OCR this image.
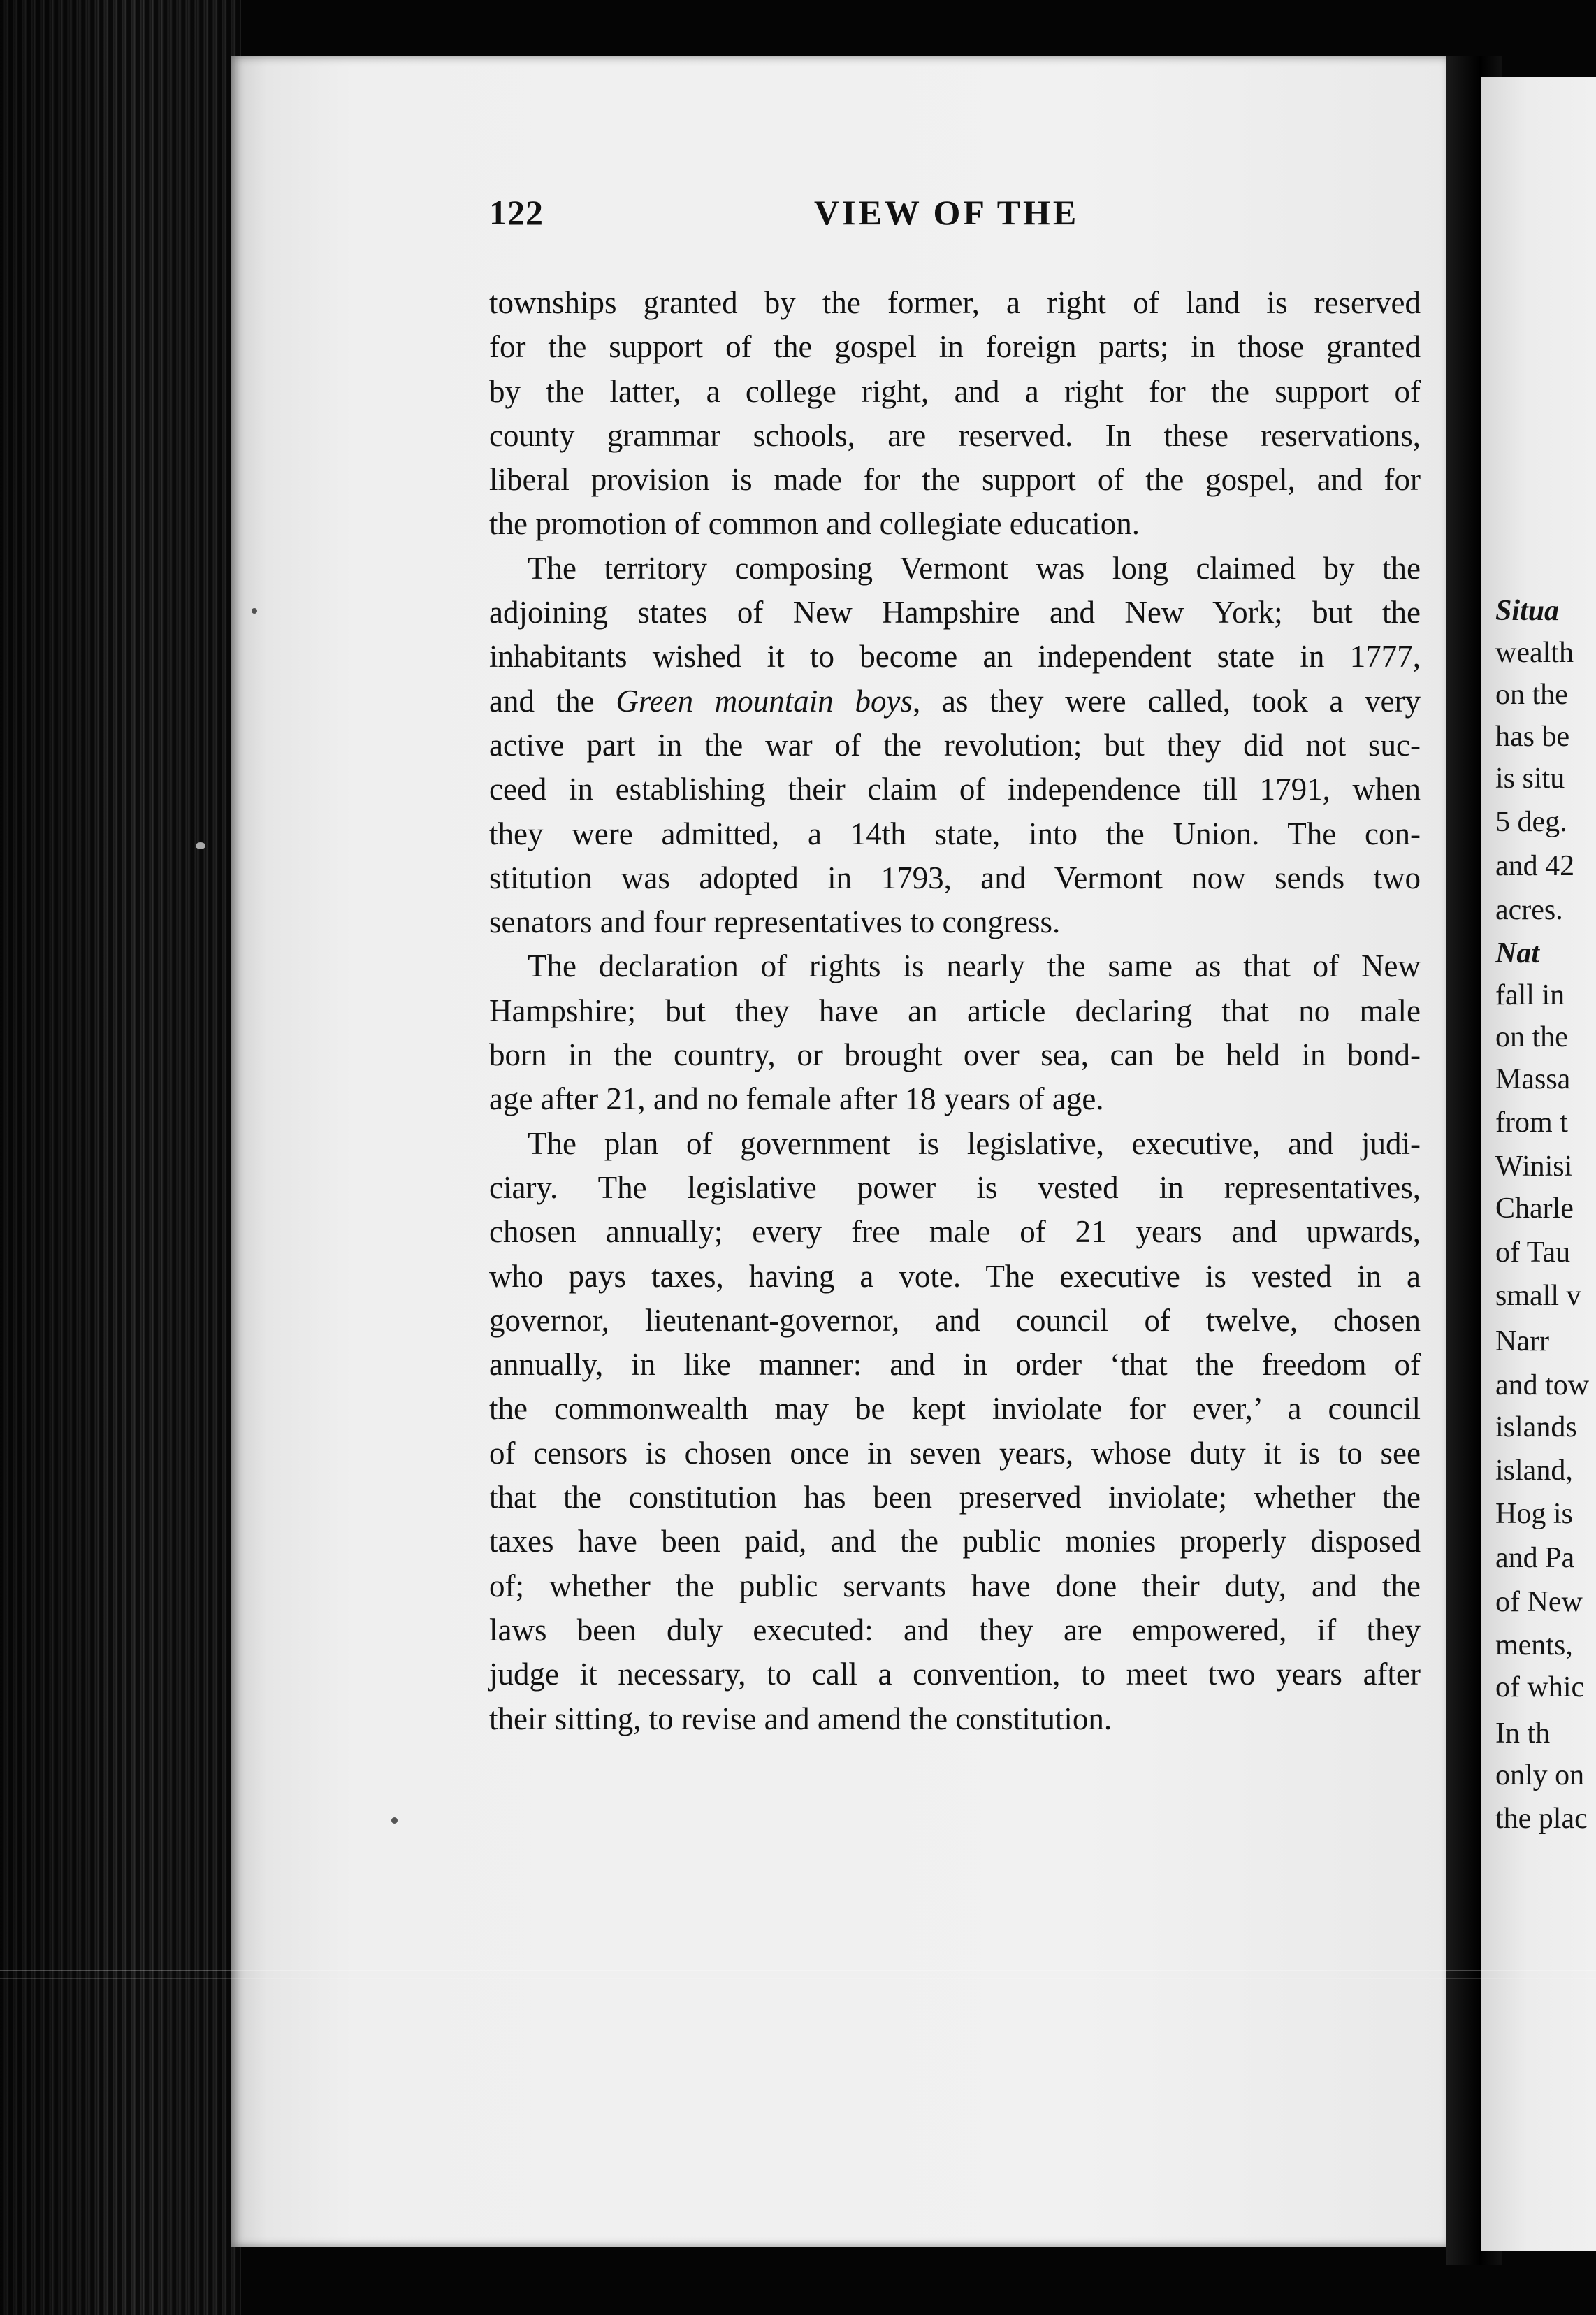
Situa
wealth
on the
has be
is situ
5 deg.
and 42
acres.
Nat
fall in
on the
Massa
from t
Winisi
Charle
of Tau
small v
Narr
and tow
islands
island,
Hog is
and Pa
of New
ments,
of whic
In th
only on
the plac
122	VIEW OF THE
townships granted by the former, a right of land is reserved
for the support of the gospel in foreign parts; in those granted
by the latter, a college right, and a right for the support of
county grammar schools, are reserved. In these reservations,
liberal provision is made for the support of the gospel, and for
the promotion of common and collegiate education.
The territory composing Vermont was long claimed by the
adjoining states of New Hampshire and New York; but the
inhabitants wished it to become an independent state in 1777,
and the Green mountain boys, as they were called, took a very
active part in the war of the revolution; but they did not suc-
ceed in establishing their claim of independence till 1791, when
they were admitted, a 14th state, into the Union. The con-
stitution was adopted in 1793, and Vermont now sends two
senators and four representatives to congress.
The declaration of rights is nearly the same as that of New
Hampshire; but they have an article declaring that no male
born in the country, or brought over sea, can be held in bond-
age after 21, and no female after 18 years of age.
The plan of government is legislative, executive, and judi-
ciary. The legislative power is vested in representatives,
chosen annually; every free male of 21 years and upwards,
who pays taxes, having a vote. The executive is vested in a
governor, lieutenant-governor, and council of twelve, chosen
annually, in like manner: and in order ‘that the freedom of
the commonwealth may be kept inviolate for ever,’ a council
of censors is chosen once in seven years, whose duty it is to see
that the constitution has been preserved inviolate; whether the
taxes have been paid, and the public monies properly disposed
of; whether the public servants have done their duty, and the
laws been duly executed: and they are empowered, if they
judge it necessary, to call a convention, to meet two years after
their sitting, to revise and amend the constitution.
